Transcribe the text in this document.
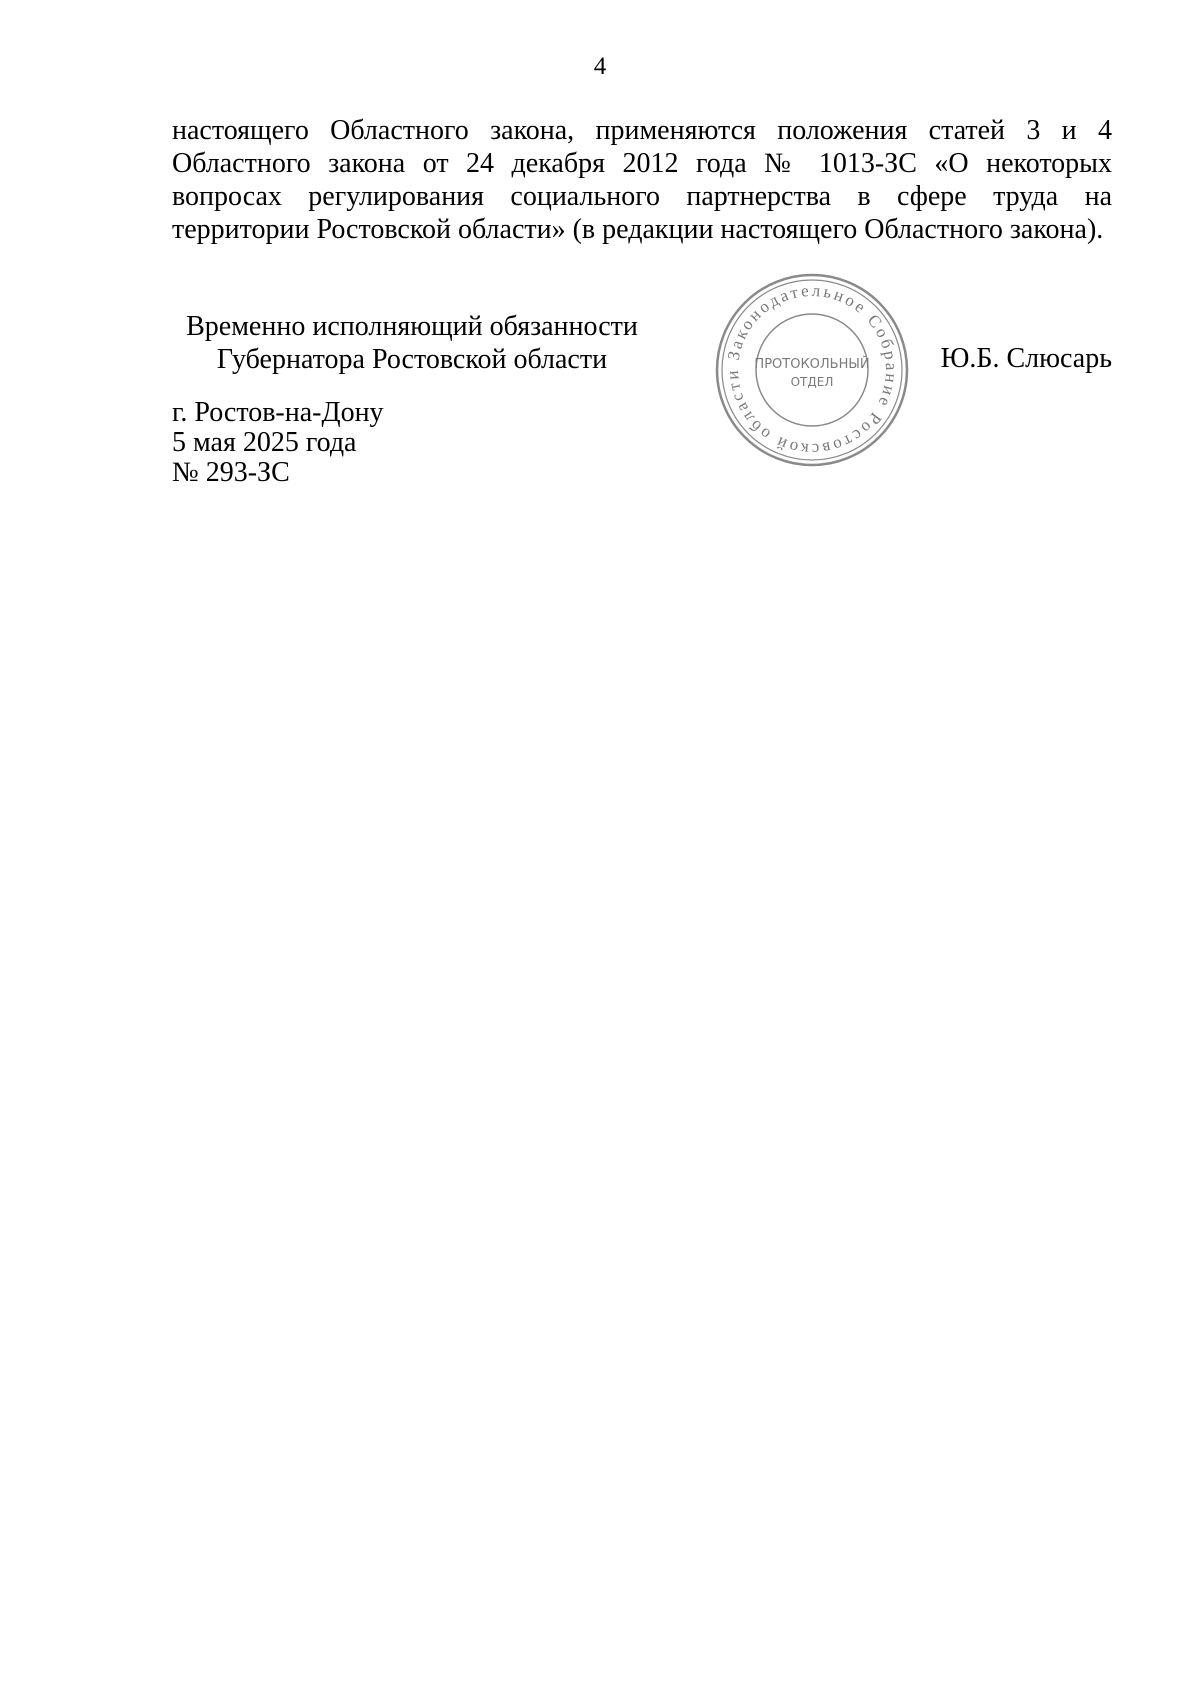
4

настоящего Областного закона, применяются положения статей 3 и 4 Областного закона от 24 декабря 2012 года № 1013-ЗС «О некоторых вопросах регулирования социального партнерства в сфере труда на территории Ростовской области» (в редакции настоящего Областного закона).

Временно исполняющий обязанности
Губернатора Ростовской области	Законодательное Собрание Ростовской области
ПРОТОКОЛЬНЫЙ
ОТДЕЛ
Ю.Б. Слюсарь
г. Ростов-на-Дону
5 мая 2025 года
№ 293-ЗС
